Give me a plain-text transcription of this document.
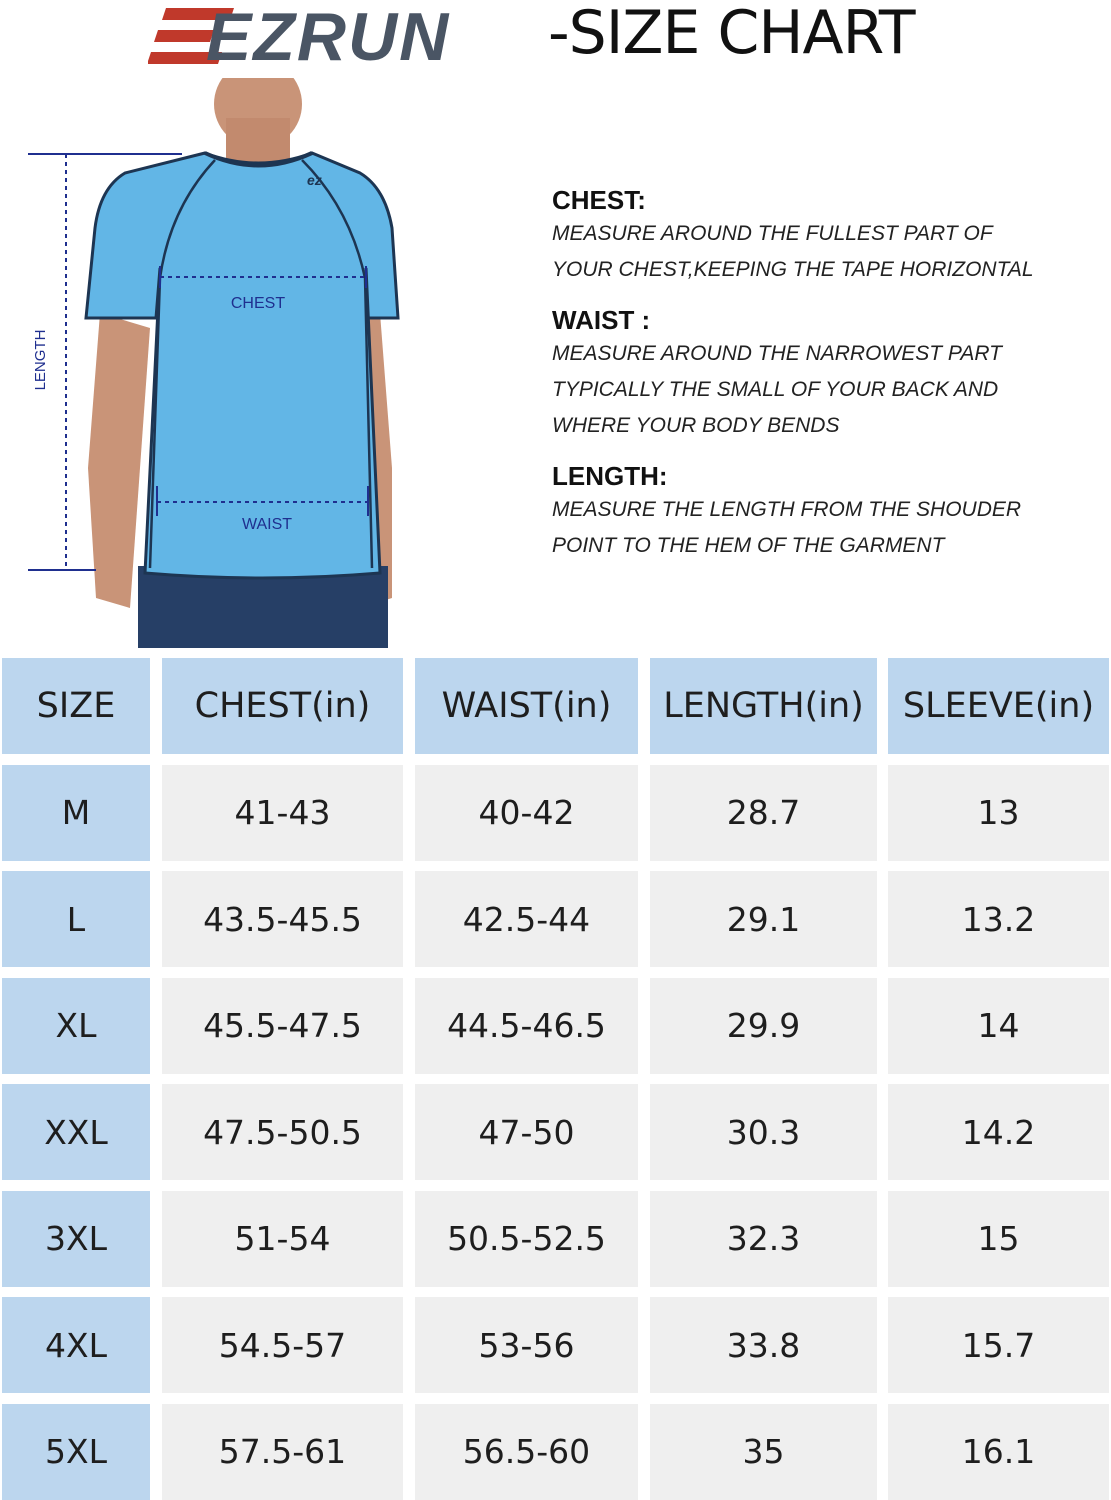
EZRUN -SIZE CHART
ez
LENGTH
CHEST
WAIST
CHEST:
MEASURE AROUND THE FULLEST PART OF
YOUR CHEST,KEEPING THE TAPE HORIZONTAL
WAIST :
MEASURE AROUND THE NARROWEST PART
TYPICALLY THE SMALL OF YOUR BACK AND
WHERE YOUR BODY BENDS
LENGTH:
MEASURE THE LENGTH FROM THE SHOUDER
POINT TO THE HEM OF THE GARMENT
SIZE	CHEST(in)	WAIST(in)	LENGTH(in)	SLEEVE(in)
M	41-43	40-42	28.7	13
L	43.5-45.5	42.5-44	29.1	13.2
XL	45.5-47.5	44.5-46.5	29.9	14
XXL	47.5-50.5	47-50	30.3	14.2
3XL	51-54	50.5-52.5	32.3	15
4XL	54.5-57	53-56	33.8	15.7
5XL	57.5-61	56.5-60	35	16.1
